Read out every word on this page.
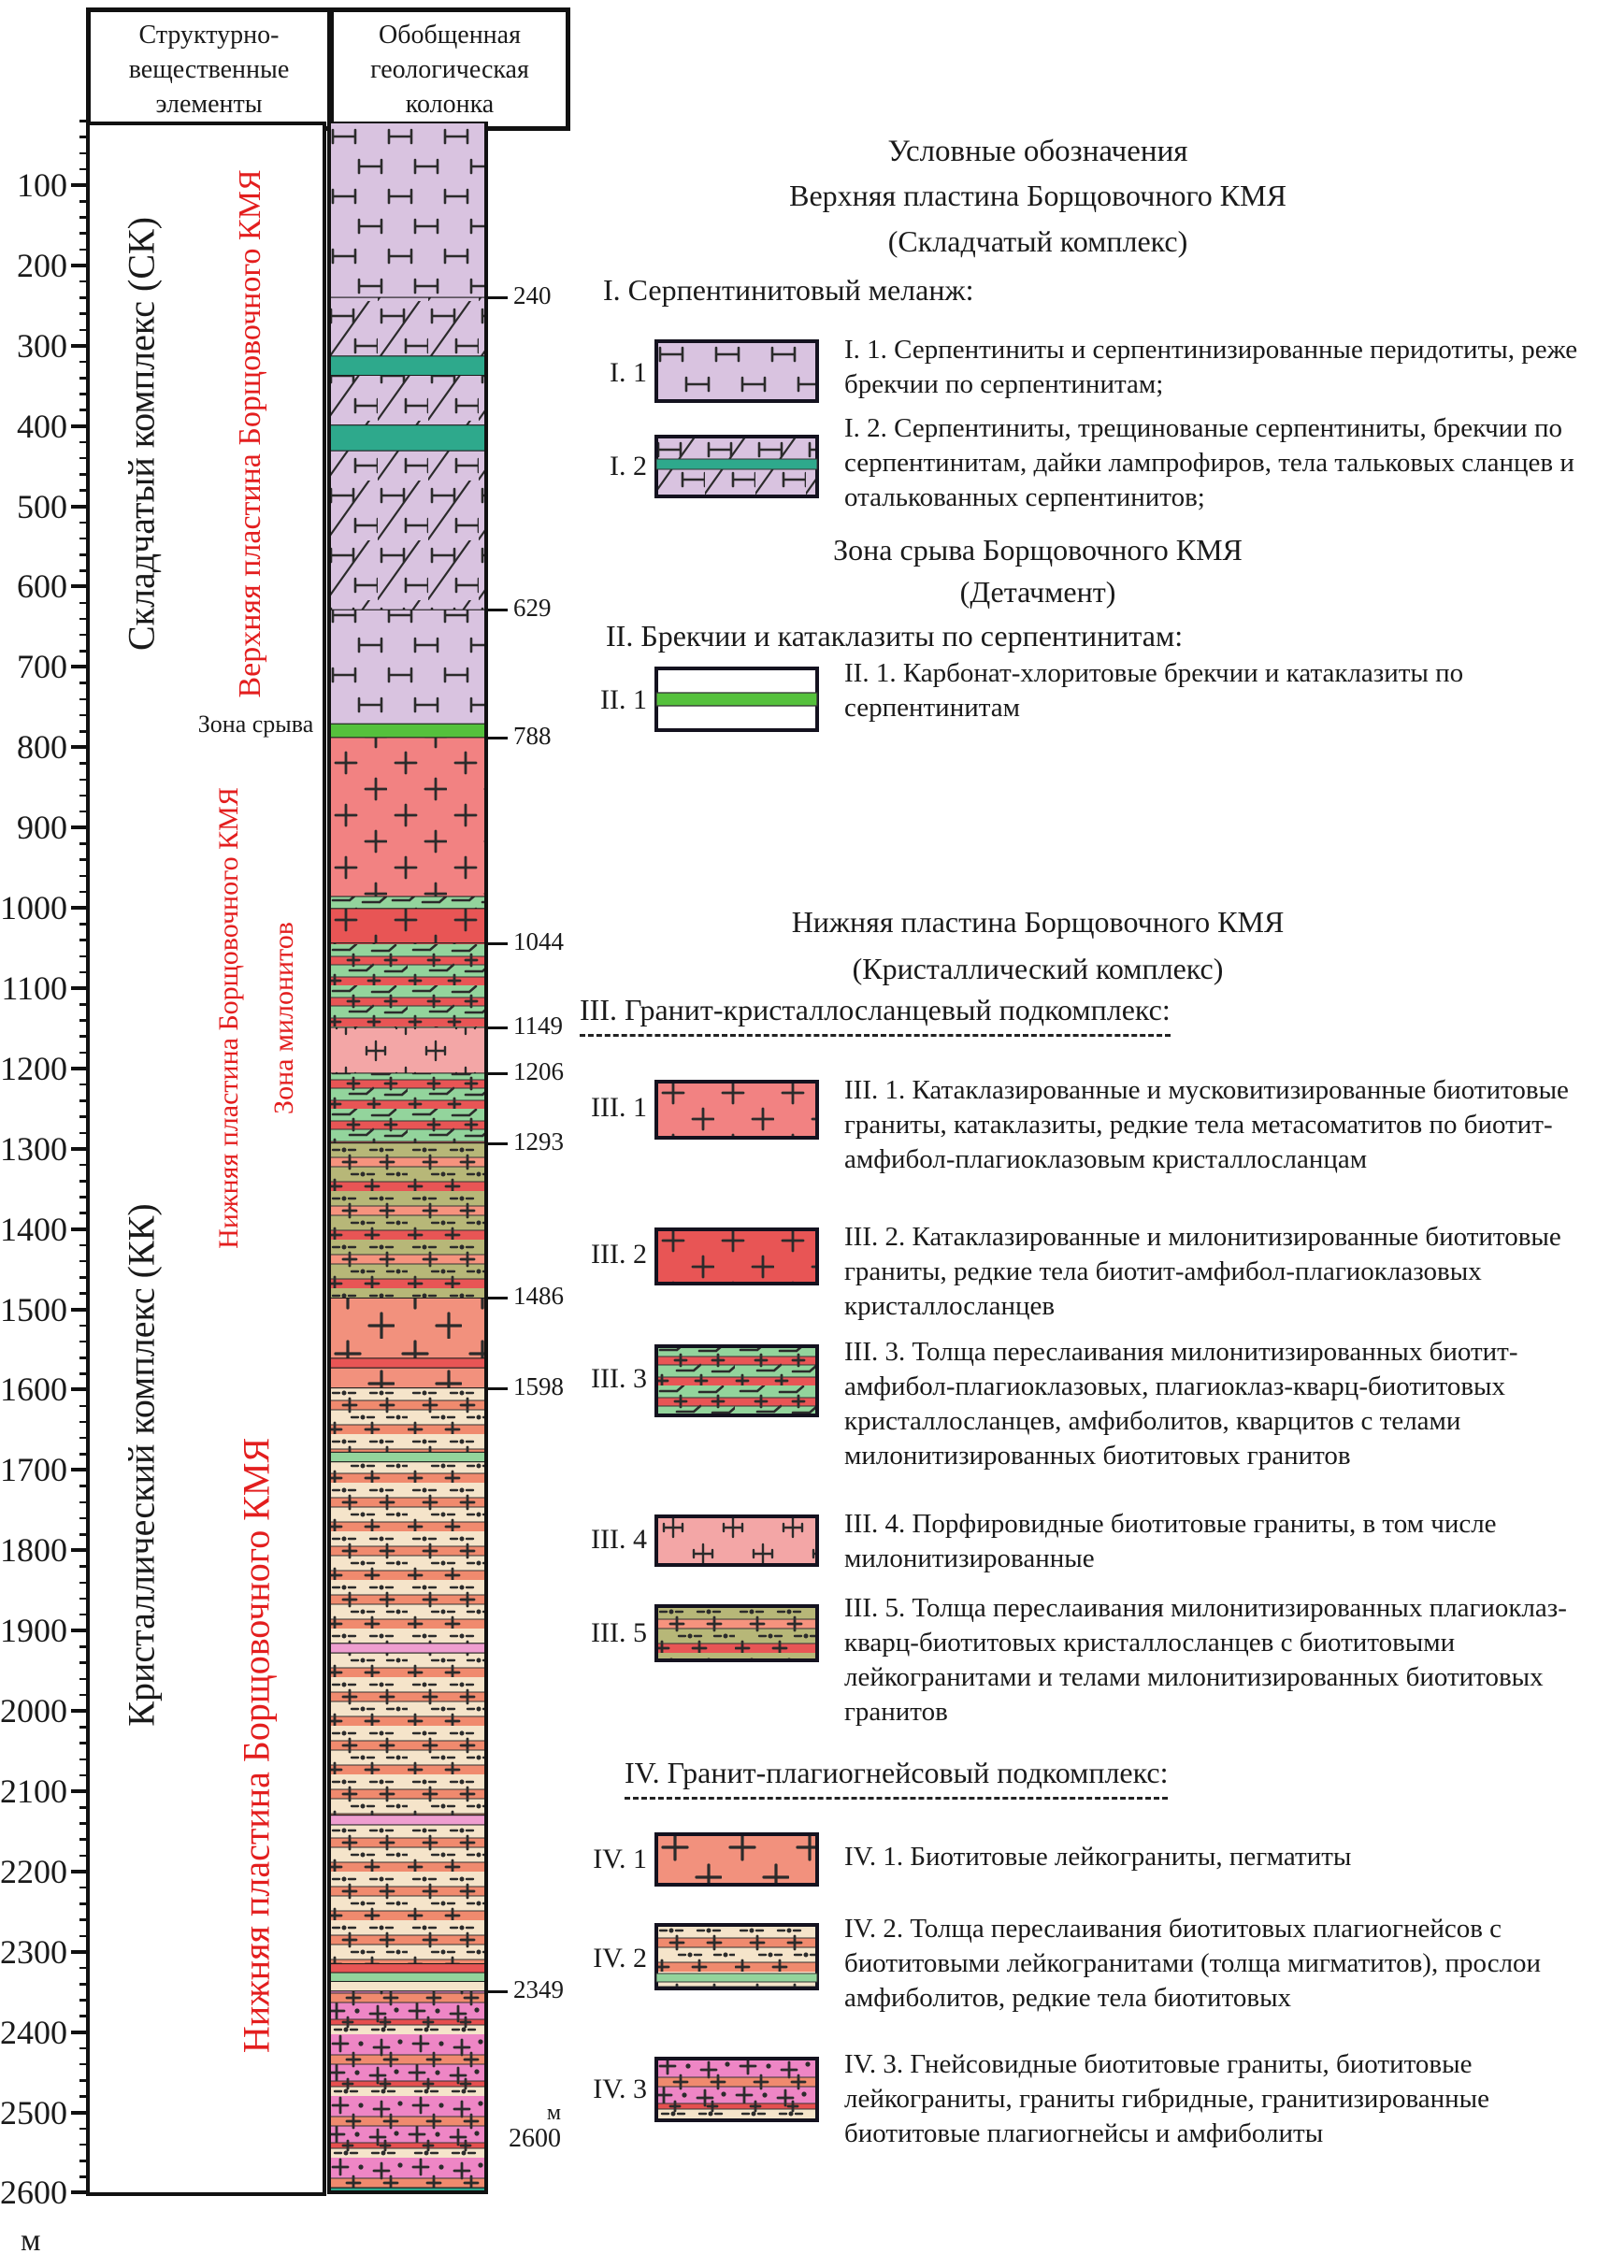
Структурно-
вещественные
элементы
Обобщенная
геологическая
колонка
100
200
300
400
500
600
700
800
900
1000
1100
1200
1300
1400
1500
1600
1700
1800
1900
2000
2100
2200
2300
2400
2500
2600
м
Складчатый комплекс (СК)
Кристаллический комплекс (КК)
Верхняя пластина Борщовочного КМЯ
Зона срыва
Нижняя пластина Борщовочного КМЯ Зона милонитов
Нижняя пластина Борщовочного КМЯ
240
629
788
1044
1149
1206
1293
1486
1598
2349
м
2600
Условные обозначения
Верхняя пластина Борщовочного КМЯ
(Складчатый комплекс)
I. Серпентинитовый меланж:
I. 1
I. 1. Серпентиниты и серпентинизированные перидотиты, реже брекчии по серпентинитам;
I. 2
I. 2. Серпентиниты, трещинованые серпентиниты, брекчии по серпентинитам, дайки лампрофиров, тела тальковых сланцев и оталькованных серпентинитов;
Зона срыва Борщовочного КМЯ
(Детачмент)
II. Брекчии и катаклазиты по серпентинитам:
II. 1
II. 1. Карбонат-хлоритовые брекчии и катаклазиты по серпентинитам
Нижняя пластина Борщовочного КМЯ
(Кристаллический комплекс)
III. Гранит-кристаллосланцевый подкомплекс:
III. 1
III. 1. Катаклазированные и мусковитизированные биотитовые граниты, катаклазиты, редкие тела метасоматитов по биотит-амфибол-плагиоклазовым кристаллосланцам
III. 2
III. 2. Катаклазированные и милонитизированные биотитовые граниты, редкие тела биотит-амфибол-плагиоклазовых кристаллосланцев
III. 3
III. 3. Толща переслаивания милонитизированных биотит-амфибол-плагиоклазовых, плагиоклаз-кварц-биотитовых кристаллосланцев, амфиболитов, кварцитов с телами милонитизированных биотитовых гранитов
III. 4	III. 4. Порфировидные биотитовые граниты, в том числе милонитизированные
III. 5
III. 5. Толща переслаивания милонитизированных плагиоклаз-кварц-биотитовых кристаллосланцев с биотитовыми лейкогранитами и телами милонитизированных биотитовых гранитов
IV. Гранит-плагиогнейсовый подкомплекс:
IV. 1	IV. 1. Биотитовые лейкограниты, пегматиты
IV. 2
IV. 2. Толща переслаивания биотитовых плагиогнейсов с биотитовыми лейкогранитами (толща мигматитов), прослои амфиболитов, редкие тела биотитовых
IV. 3
IV. 3. Гнейсовидные биотитовые граниты, биотитовые лейкограниты, граниты гибридные, гранитизированные биотитовые плагиогнейсы и амфиболиты
